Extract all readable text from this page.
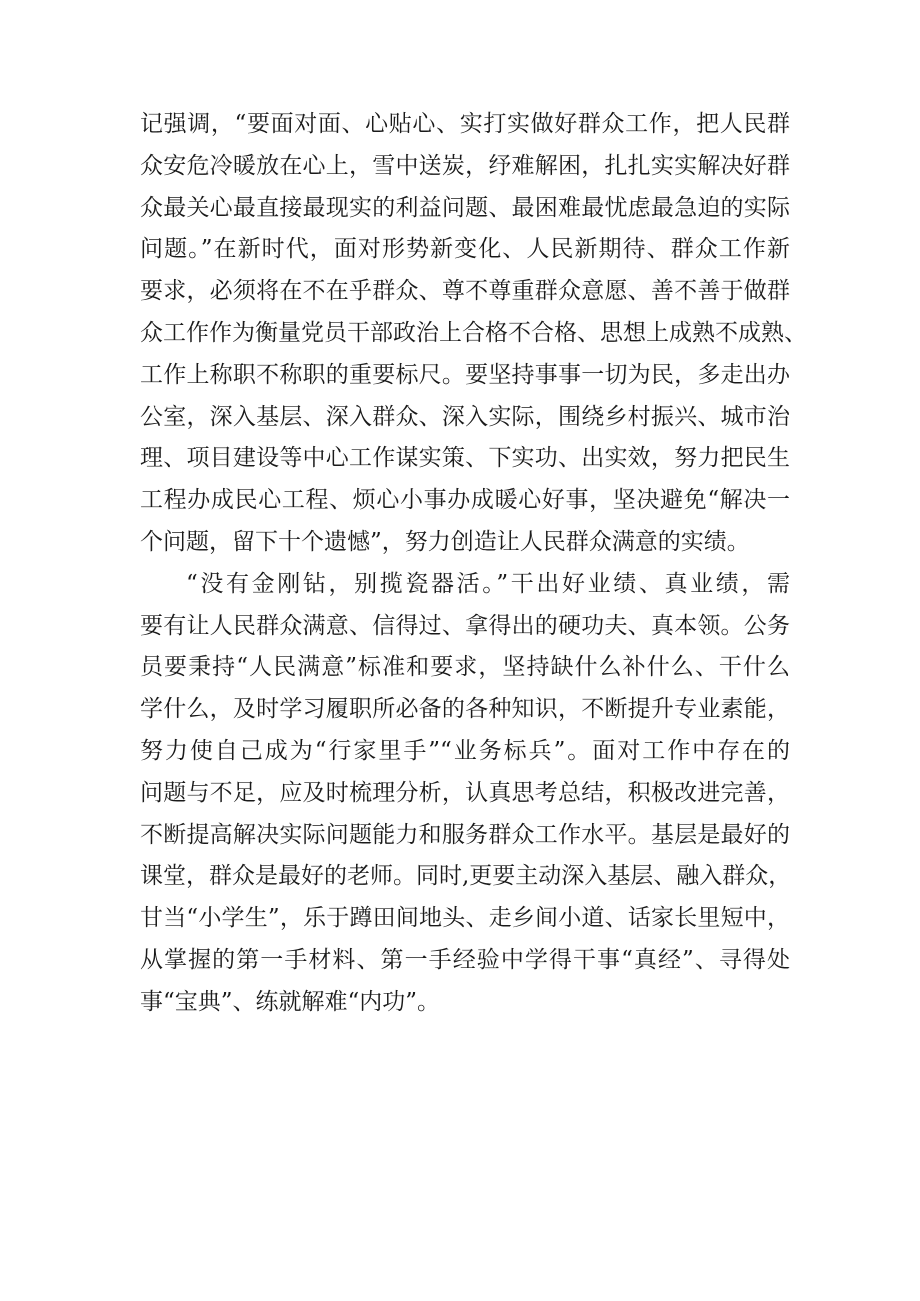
记强调，“要面对面、心贴心、实打实做好群众工作，把人民群
众安危冷暖放在心上，雪中送炭，纾难解困，扎扎实实解决好群
众最关心最直接最现实的利益问题、最困难最忧虑最急迫的实际
问题。”在新时代，面对形势新变化、人民新期待、群众工作新
要求，必须将在不在乎群众、尊不尊重群众意愿、善不善于做群
众工作作为衡量党员干部政治上合格不合格、思想上成熟不成熟、
工作上称职不称职的重要标尺。要坚持事事一切为民，多走出办
公室，深入基层、深入群众、深入实际，围绕乡村振兴、城市治
理、项目建设等中心工作谋实策、下实功、出实效，努力把民生
工程办成民心工程、烦心小事办成暖心好事，坚决避免“解决一
个问题，留下十个遗憾”，努力创造让人民群众满意的实绩。
“没有金刚钻，别揽瓷器活。”干出好业绩、真业绩，需
要有让人民群众满意、信得过、拿得出的硬功夫、真本领。公务
员要秉持“人民满意”标准和要求，坚持缺什么补什么、干什么
学什么，及时学习履职所必备的各种知识，不断提升专业素能，
努力使自己成为“行家里手”“业务标兵”。面对工作中存在的
问题与不足，应及时梳理分析，认真思考总结，积极改进完善，
不断提高解决实际问题能力和服务群众工作水平。基层是最好的
课堂，群众是最好的老师。同时,更要主动深入基层、融入群众，
甘当“小学生”，乐于蹲田间地头、走乡间小道、话家长里短中，
从掌握的第一手材料、第一手经验中学得干事“真经”、寻得处
事“宝典”、练就解难“内功”。
